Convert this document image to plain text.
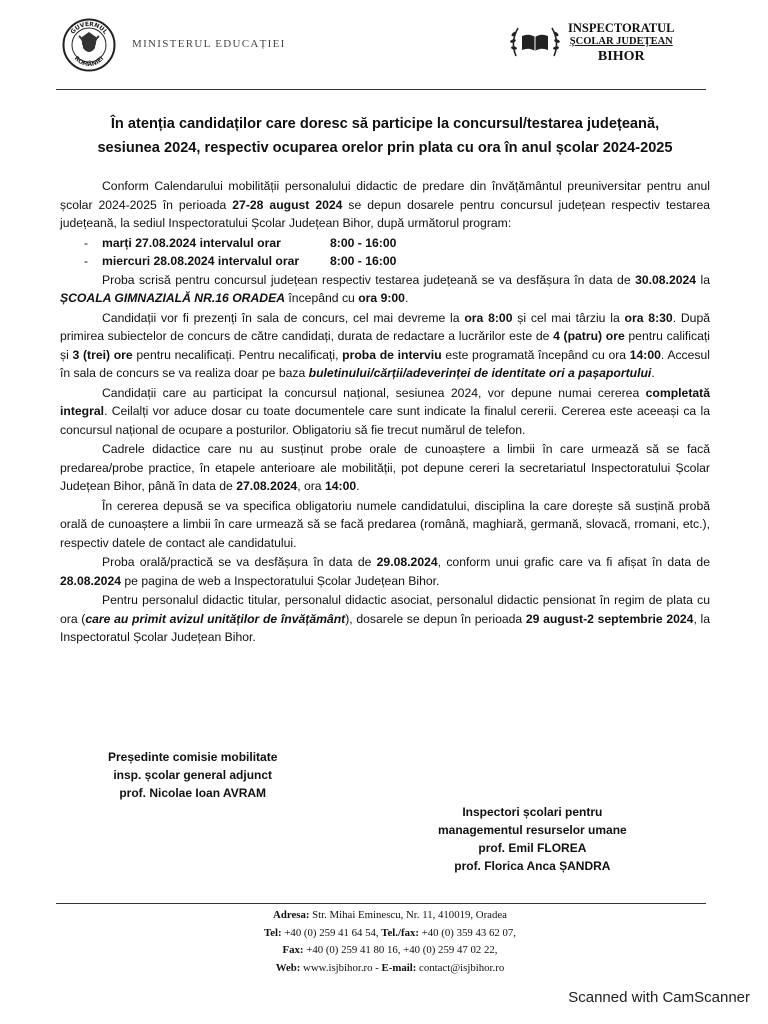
GUVERNUL
ROMÂNIEI
MINISTERUL EDUCAȚIEI
INSPECTORATUL
ŞCOLAR JUDEŢEAN
BIHOR
În atenția candidaților care doresc să participe la concursul/testarea județeană,
sesiunea 2024, respectiv ocuparea orelor prin plata cu ora în anul școlar 2024-2025

Conform Calendarului mobilității personalului didactic de predare din învățământul preuniversitar pentru anul școlar 2024-2025 în perioada 27-28 august 2024 se depun dosarele pentru concursul județean respectiv testarea județeană, la sediul Inspectoratului Școlar Județean Bihor, după următorul program:

- marți 27.08.2024 intervalul orar	8:00 - 16:00
- miercuri 28.08.2024 intervalul orar	8:00 - 16:00

Proba scrisă pentru concursul județean respectiv testarea județeană se va desfășura în data de 30.08.2024 la ȘCOALA GIMNAZIALĂ NR.16 ORADEA începând cu ora 9:00.

Candidații vor fi prezenți în sala de concurs, cel mai devreme la ora 8:00 și cel mai târziu la ora 8:30. După primirea subiectelor de concurs de către candidați, durata de redactare a lucrărilor este de 4 (patru) ore pentru calificați și 3 (trei) ore pentru necalificați. Pentru necalificați, proba de interviu este programată începând cu ora 14:00. Accesul în sala de concurs se va realiza doar pe baza buletinului/cărții/adeverinței de identitate ori a pașaportului.

Candidații care au participat la concursul național, sesiunea 2024, vor depune numai cererea completată integral. Ceilalți vor aduce dosar cu toate documentele care sunt indicate la finalul cererii. Cererea este aceeași ca la concursul național de ocupare a posturilor. Obligatoriu să fie trecut numărul de telefon.

Cadrele didactice care nu au susținut probe orale de cunoaștere a limbii în care urmează să se facă predarea/probe practice, în etapele anterioare ale mobilității, pot depune cereri la secretariatul Inspectoratului Școlar Județean Bihor, până în data de 27.08.2024, ora 14:00.

În cererea depusă se va specifica obligatoriu numele candidatului, disciplina la care dorește să susțină probă orală de cunoaștere a limbii în care urmează să se facă predarea (română, maghiară, germană, slovacă, rromani, etc.), respectiv datele de contact ale candidatului.

Proba orală/practică se va desfășura în data de 29.08.2024, conform unui grafic care va fi afișat în data de 28.08.2024 pe pagina de web a Inspectoratului Școlar Județean Bihor.

Pentru personalul didactic titular, personalul didactic asociat, personalul didactic pensionat în regim de plata cu ora (care au primit avizul unităților de învățământ), dosarele se depun în perioada 29 august-2 septembrie 2024, la Inspectoratul Școlar Județean Bihor.

Președinte comisie mobilitate
insp. școlar general adjunct
prof. Nicolae Ioan AVRAM
Inspectori școlari pentru
managementul resurselor umane
prof. Emil FLOREA
prof. Florica Anca ȘANDRA
Adresa: Str. Mihai Eminescu, Nr. 11, 410019, Oradea
Tel: +40 (0) 259 41 64 54, Tel./fax: +40 (0) 359 43 62 07,
Fax: +40 (0) 259 41 80 16, +40 (0) 259 47 02 22,
Web: www.isjbihor.ro - E-mail: contact@isjbihor.ro
Scanned with CamScanner
